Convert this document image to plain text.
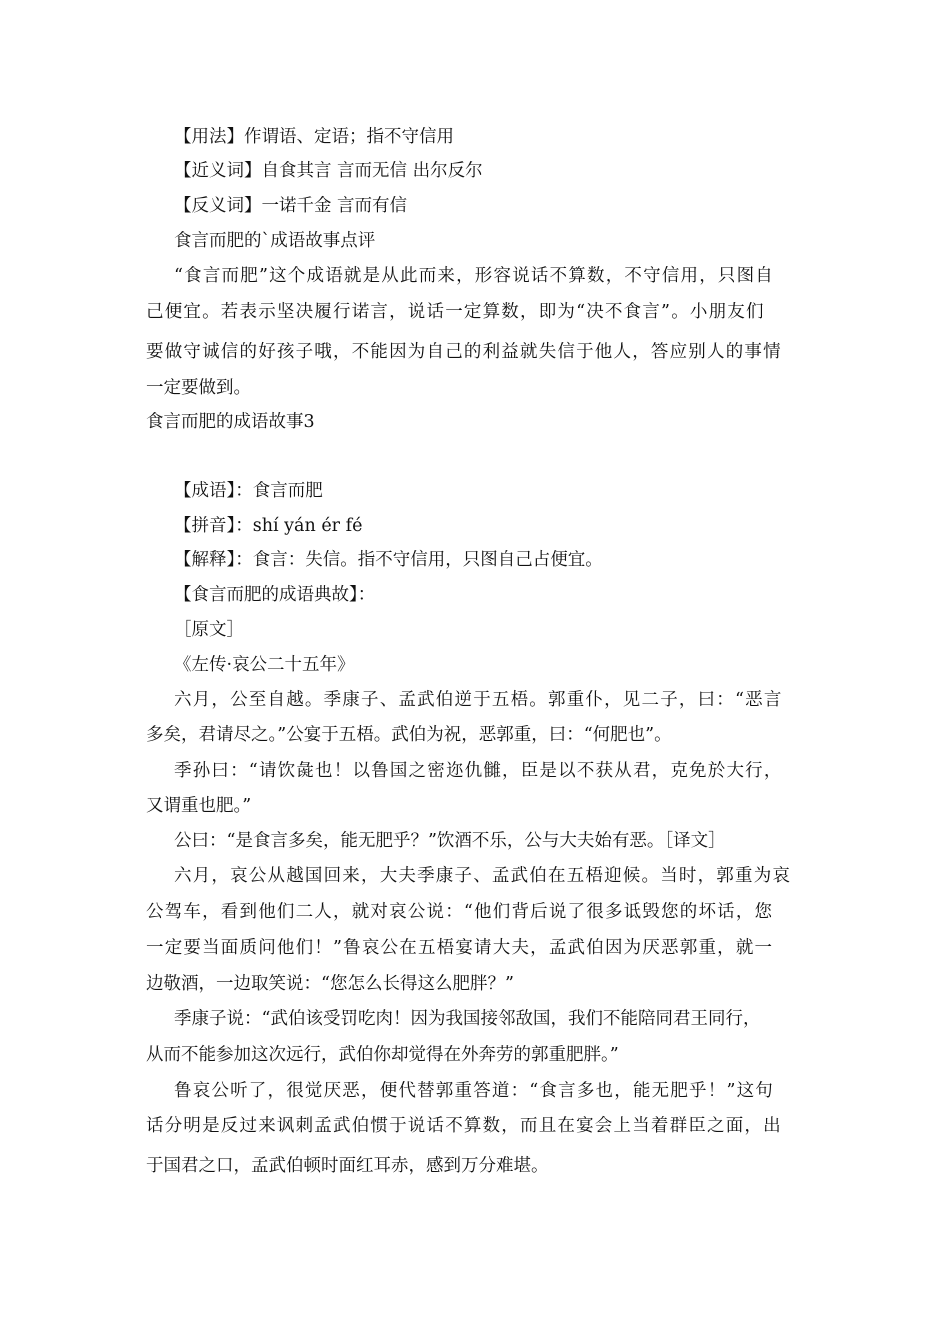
【用法】作谓语、定语；指不守信用
【近义词】自食其言 言而无信 出尔反尔
【反义词】一诺千金 言而有信
食言而肥的`成语故事点评
“食言而肥”这个成语就是从此而来，形容说话不算数，不守信用，只图自
己便宜。若表示坚决履行诺言，说话一定算数，即为“决不食言”。小朋友们
要做守诚信的好孩子哦，不能因为自己的利益就失信于他人，答应别人的事情
一定要做到。
食言而肥的成语故事3
【成语】：食言而肥
【拼音】：shí yán ér fé
【解释】：食言：失信。指不守信用，只图自己占便宜。
【食言而肥的成语典故】：
［原文］
《左传·哀公二十五年》
六月，公至自越。季康子、孟武伯逆于五梧。郭重仆，见二子，曰：“恶言
多矣，君请尽之。”公宴于五梧。武伯为祝，恶郭重，曰：“何肥也”。
季孙曰：“请饮彘也！以鲁国之密迩仇雠，臣是以不获从君，克免於大行，
又谓重也肥。”
公曰：“是食言多矣，能无肥乎？”饮酒不乐，公与大夫始有恶。［译文］
六月，哀公从越国回来，大夫季康子、孟武伯在五梧迎候。当时，郭重为哀
公驾车，看到他们二人，就对哀公说：“他们背后说了很多诋毁您的坏话，您
一定要当面质问他们！”鲁哀公在五梧宴请大夫，孟武伯因为厌恶郭重，就一
边敬酒，一边取笑说：“您怎么长得这么肥胖？”
季康子说：“武伯该受罚吃肉！因为我国接邻敌国，我们不能陪同君王同行，
从而不能参加这次远行，武伯你却觉得在外奔劳的郭重肥胖。”
鲁哀公听了，很觉厌恶，便代替郭重答道：“食言多也，能无肥乎！”这句
话分明是反过来讽刺孟武伯惯于说话不算数，而且在宴会上当着群臣之面，出
于国君之口，孟武伯顿时面红耳赤，感到万分难堪。
